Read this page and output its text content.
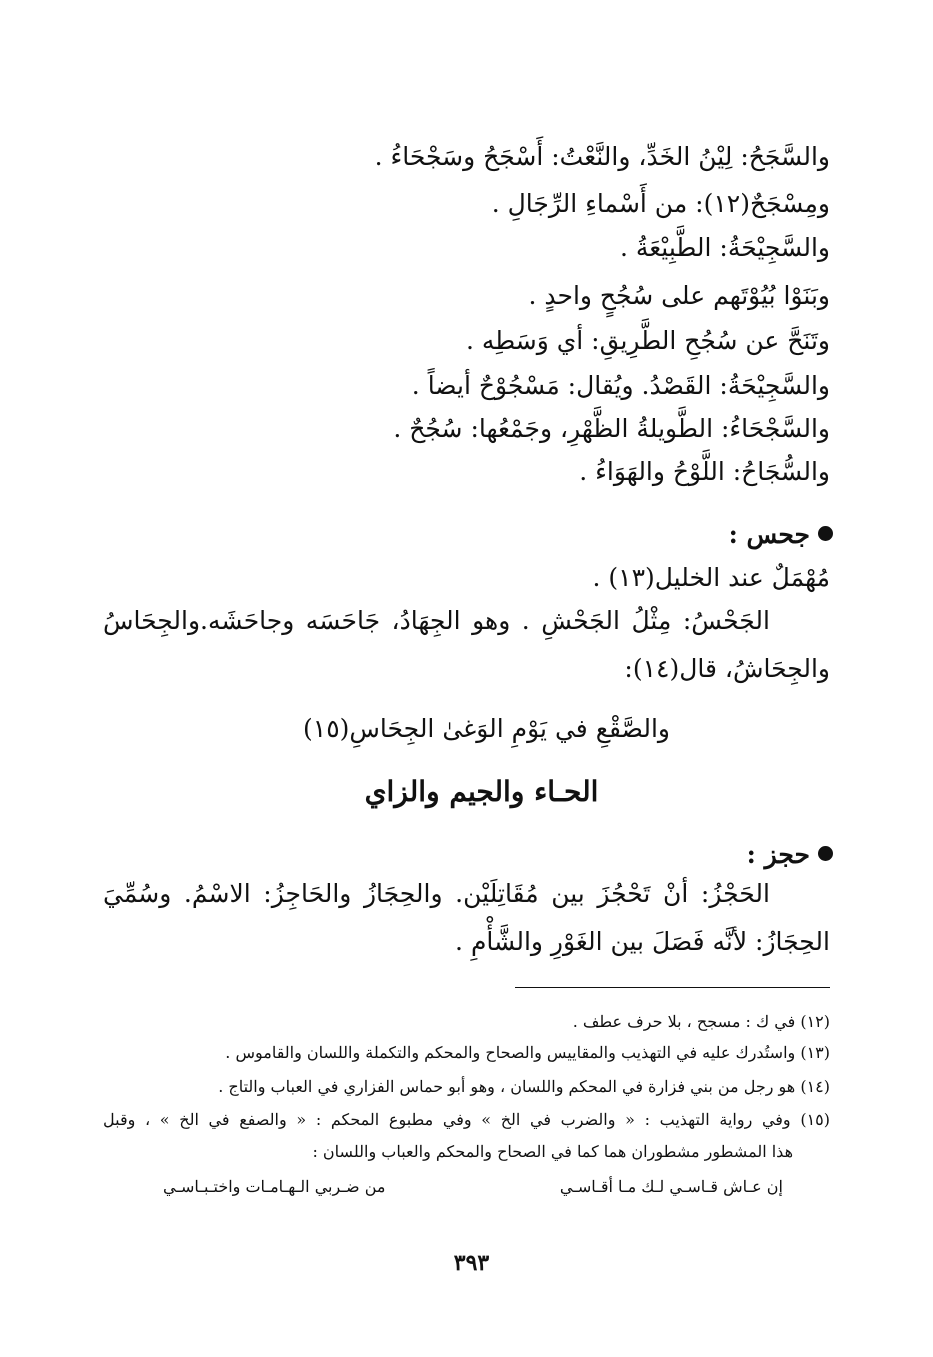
والسَّجَحُ: لِيْنُ الخَدِّ، والنَّعْتُ: أَسْجَحُ وسَجْحَاءُ .
ومِسْجَحٌ(١٢): من أَسْماءِ الرِّجَالِ .
والسَّجِيْحَةُ: الطَّبِيْعَةُ .
وبَنَوْا بُيُوْتَهم على سُجُحٍ واحدٍ .
وتَنَحَّ عن سُجُحِ الطَّرِيقِ: أي وَسَطِه .
والسَّجِيْحَةُ: القَصْدُ. ويُقال: مَسْجُوْحٌ أيضاً .
والسَّجْحَاءُ: الطَّويلةُ الظَّهْرِ، وجَمْعُها: سُجُحٌ .
والسُّجَاحُ: اللَّوْحُ والهَوَاءُ .
جحس :
مُهْمَلٌ عند الخليل(١٣) .
الجَحْسُ: مِثْلُ الجَحْشِ . وهو الجِهَادُ، جَاحَسَه وجاحَشَه.والجِحَاسُ
والجِحَاشُ، قال(١٤):
والصَّقْعِ في يَوْمِ الوَغىٰ الجِحَاسِ(١٥)
الحـاء والجيم والزاي
حجز :
الحَجْزُ: أنْ تَحْجُزَ بين مُقَاتِلَيْن. والحِجَازُ والحَاجِزُ: الاسْمُ. وسُمِّيَ
الحِجَازُ: لأنَّه فَصَلَ بين الغَوْرِ والشَّأْمِ .
(١٢) في ك : مسجح ، بلا حرف عطف .
(١٣) واستُدرك عليه في التهذيب والمقاييس والصحاح والمحكم والتكملة واللسان والقاموس .
(١٤) هو رجل من بني فزارة في المحكم واللسان ، وهو أبو حماس الفزاري في العباب والتاج .
(١٥) وفي رواية التهذيب : « والضرب في الخ » وفي مطبوع المحكم : « والصفع في الخ » ، وقبل
هذا المشطور مشطوران هما كما في الصحاح والمحكم والعباب واللسان :
إن عـاش قـاسـي لـك مـا أقـاسـي
من ضـربي الـهـامـات واختـبـاسـي
٣٩٣
